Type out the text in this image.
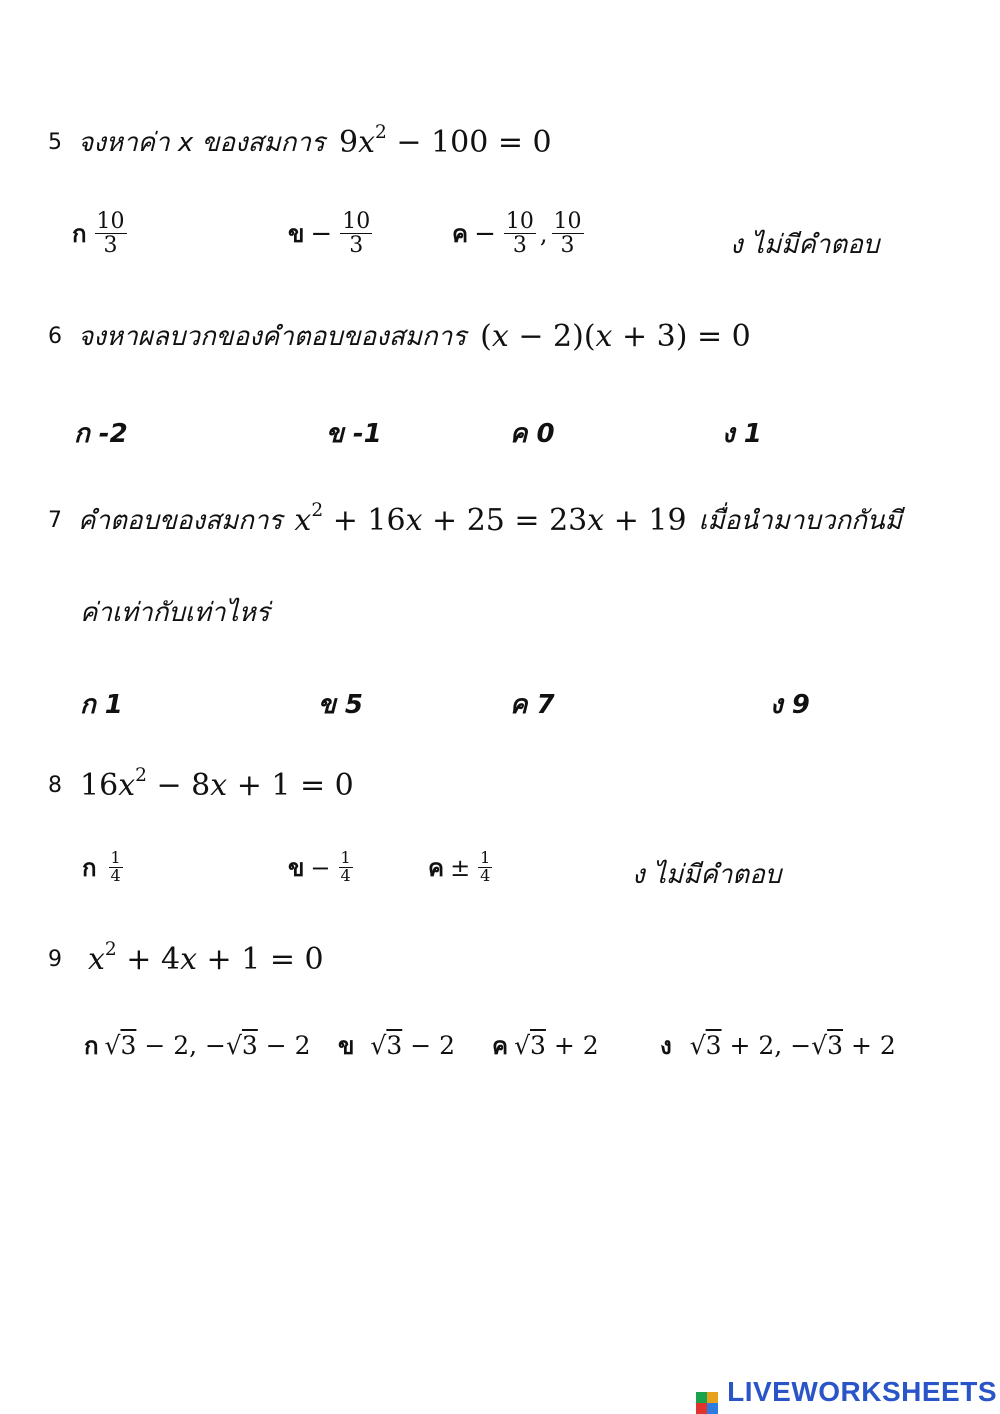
5 จงหาค่า x ของสมการ $9x^2 - 100 = 0$
ก $\frac{10}{3}$	ข − $\frac{10}{3}$	ค − $\frac{10}{3}$ , $\frac{10}{3}$	ง ไม่มีคำตอบ
6 จงหาผลบวกของคำตอบของสมการ (x − 2)(x + 3) = 0
ก -2	ข -1	ค 0	ง 1
7 คำตอบของสมการ $x^2 + 16x + 25 = 23x + 19$ เมื่อนำมาบวกกันมี
ค่าเท่ากับเท่าไหร่
ก 1	ข 5	ค 7	ง 9
8 $16x^2 - 8x + 1 = 0$
ก $\frac{1}{4}$	ข − $\frac{1}{4}$	ค ± $\frac{1}{4}$	ง ไม่มีคำตอบ
9 $x^2 + 4x + 1 = 0$
ก √3 − 2, −√3 − 2 ข √3 − 2 ค √3 + 2	ง √3 + 2, −√3 + 2
LIVEWORKSHEETS
